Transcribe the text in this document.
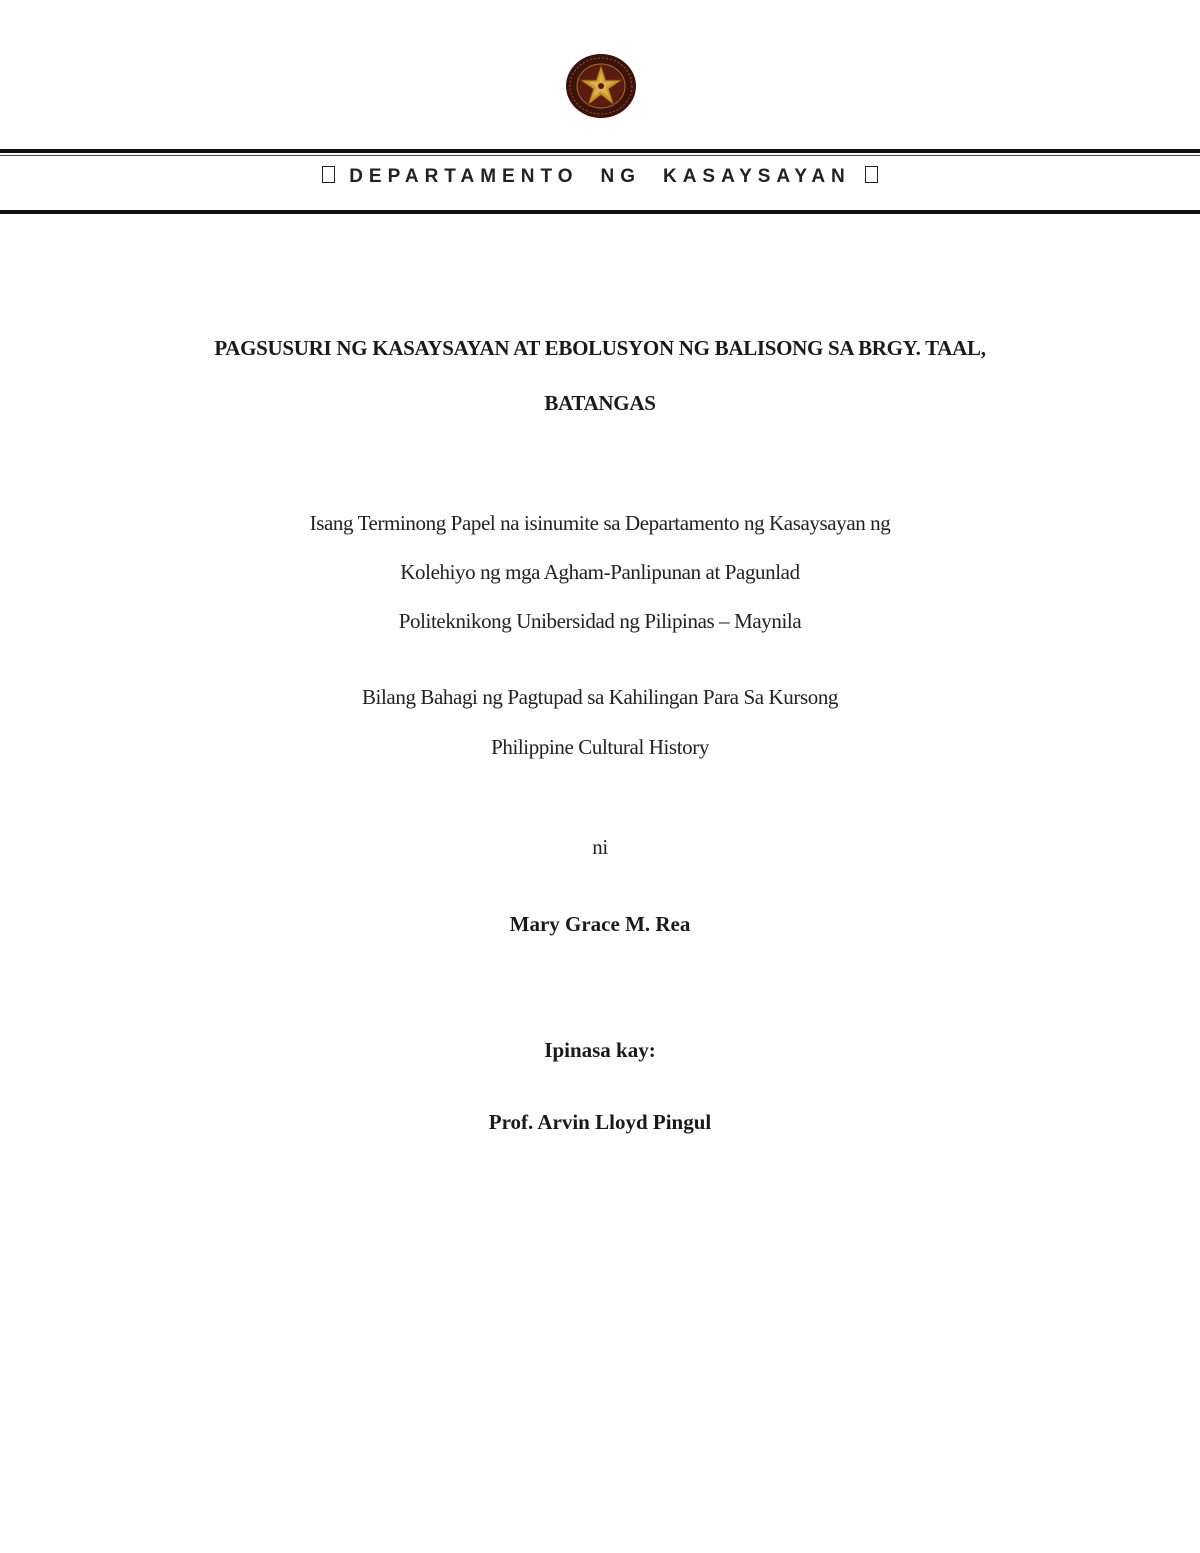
DEPARTAMENTO NG KASAYSAYAN
PAGSUSURI NG KASAYSAYAN AT EBOLUSYON NG BALISONG SA BRGY. TAAL,
BATANGAS
Isang Terminong Papel na isinumite sa Departamento ng Kasaysayan ng
Kolehiyo ng mga Agham-Panlipunan at Pagunlad
Politeknikong Unibersidad ng Pilipinas – Maynila
Bilang Bahagi ng Pagtupad sa Kahilingan Para Sa Kursong
Philippine Cultural History
ni
Mary Grace M. Rea
Ipinasa kay:
Prof. Arvin Lloyd Pingul
